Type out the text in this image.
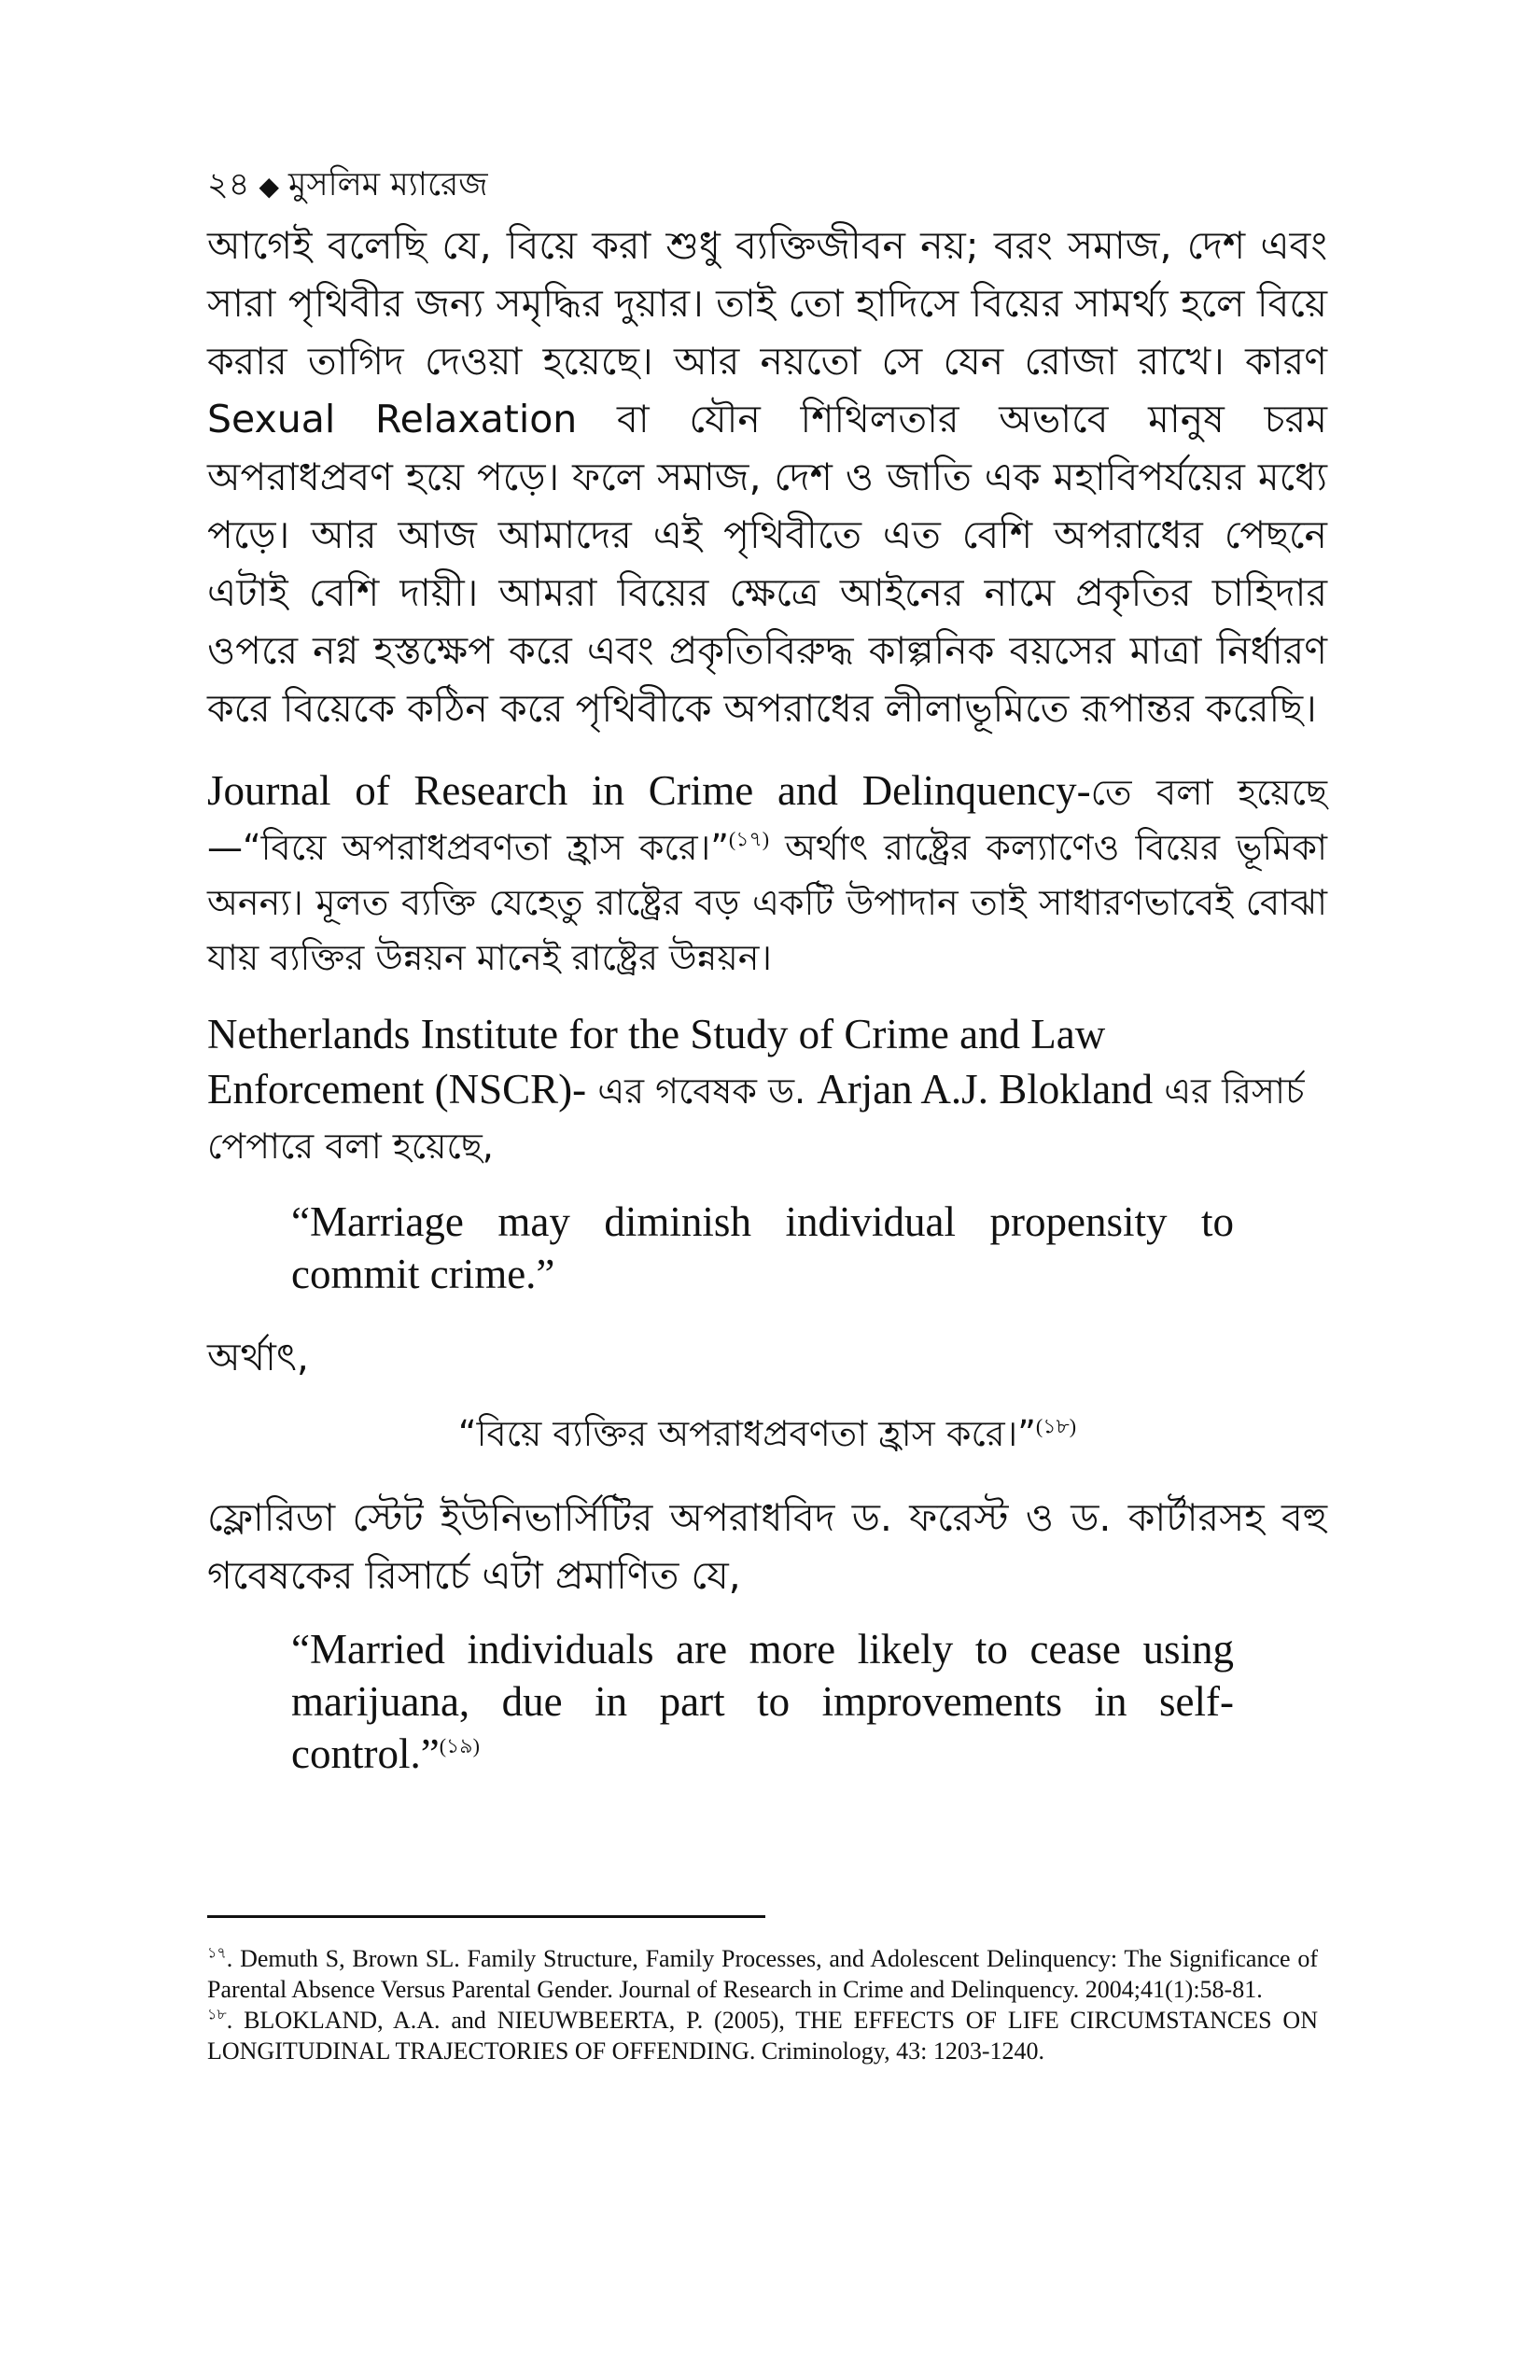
২৪ ◆ মুসলিম ম্যারেজ

আগেই বলেছি যে, বিয়ে করা শুধু ব্যক্তিজীবন নয়; বরং সমাজ, দেশ এবং সারা পৃথিবীর জন্য সমৃদ্ধির দুয়ার। তাই তো হাদিসে বিয়ের সামর্থ্য হলে বিয়ে করার তাগিদ দেওয়া হয়েছে। আর নয়তো সে যেন রোজা রাখে। কারণ Sexual Relaxation বা যৌন শিথিলতার অভাবে মানুষ চরম অপরাধপ্রবণ হয়ে পড়ে। ফলে সমাজ, দেশ ও জাতি এক মহাবিপর্যয়ের মধ্যে পড়ে। আর আজ আমাদের এই পৃথিবীতে এত বেশি অপরাধের পেছনে এটাই বেশি দায়ী। আমরা বিয়ের ক্ষেত্রে আইনের নামে প্রকৃতির চাহিদার ওপরে নগ্ন হস্তক্ষেপ করে এবং প্রকৃতিবিরুদ্ধ কাল্পনিক বয়সের মাত্রা নির্ধারণ করে বিয়েকে কঠিন করে পৃথিবীকে অপরাধের লীলাভূমিতে রূপান্তর করেছি।

Journal of Research in Crime and Delinquency-তে বলা হয়েছে—“বিয়ে অপরাধপ্রবণতা হ্রাস করে।”$^{(১৭)}$ অর্থাৎ রাষ্ট্রের কল্যাণেও বিয়ের ভূমিকা অনন্য। মূলত ব্যক্তি যেহেতু রাষ্ট্রের বড় একটি উপাদান তাই সাধারণভাবেই বোঝা যায় ব্যক্তির উন্নয়ন মানেই রাষ্ট্রের উন্নয়ন।

Netherlands Institute for the Study of Crime and Law Enforcement (NSCR)- এর গবেষক ড. Arjan A.J. Blokland এর রিসার্চ পেপারে বলা হয়েছে,

“Marriage may diminish individual propensity to commit crime.”

অর্থাৎ,

“বিয়ে ব্যক্তির অপরাধপ্রবণতা হ্রাস করে।”$^{(১৮)}$

ফ্লোরিডা স্টেট ইউনিভার্সিটির অপরাধবিদ ড. ফরেস্ট ও ড. কার্টারসহ বহু গবেষকের রিসার্চে এটা প্রমাণিত যে,

“Married individuals are more likely to cease using marijuana, due in part to improvements in self-control.”$^{(১৯)}$

$^{১৭}$. Demuth S, Brown SL. Family Structure, Family Processes, and Adolescent Delinquency: The Significance of Parental Absence Versus Parental Gender. Journal of Research in Crime and Delinquency. 2004;41(1):58-81.

$^{১৮}$. BLOKLAND, A.A. and NIEUWBEERTA, P. (2005), THE EFFECTS OF LIFE CIRCUMSTANCES ON LONGITUDINAL TRAJECTORIES OF OFFENDING. Criminology, 43: 1203-1240.
